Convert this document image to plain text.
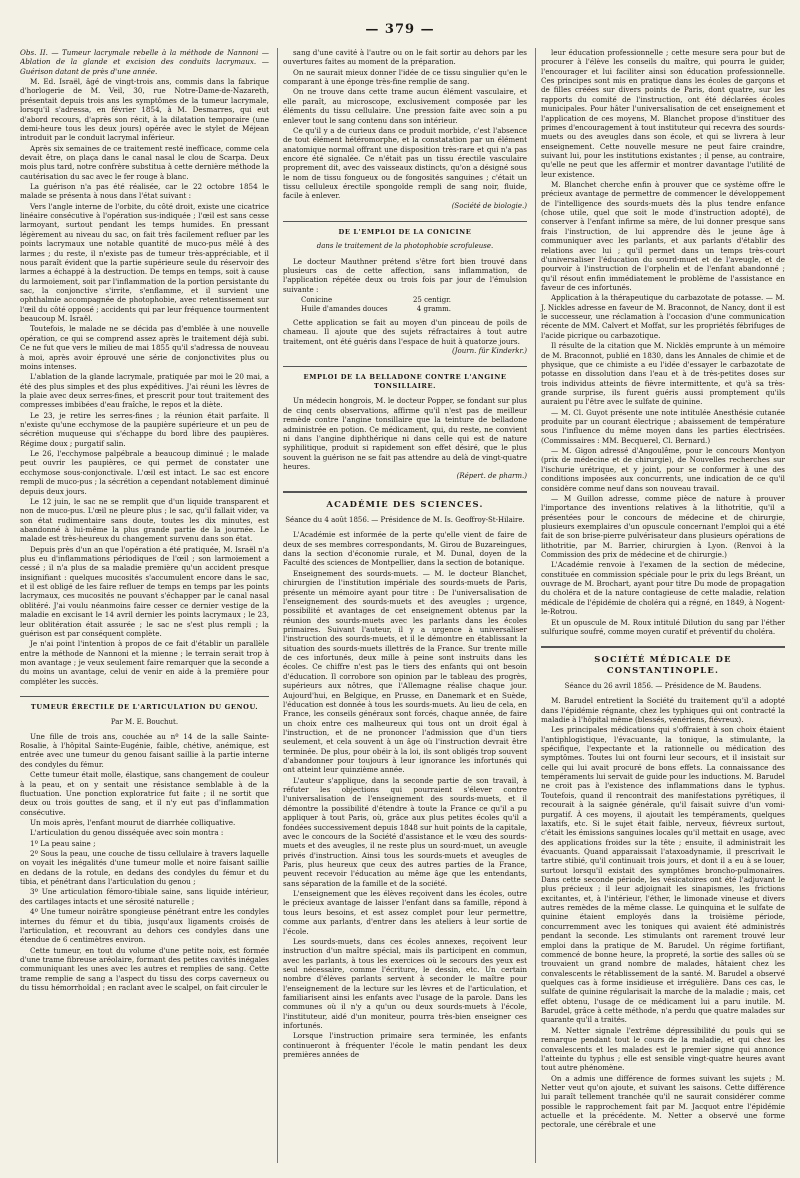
— 379 —

Obs. II. — Tumeur lacrymale rebelle à la méthode de Nannoni — Ablation de la glande et excision des conduits lacrymaux. — Guérison datant de près d'une année.

M. Ed. Israël, âgé de vingt-trois ans, commis dans la fabrique d'horlogerie de M. Veil, 30, rue Notre-Dame-de-Nazareth, présentait depuis trois ans les symptômes de la tumeur lacrymale, lorsqu'il s'adressa, en février 1854, à M. Desmarres, qui eut d'abord recours, d'après son récit, à la dilatation temporaire (une demi-heure tous les deux jours) opérée avec le stylet de Méjean introduit par le conduit lacrymal inférieur.

Après six semaines de ce traitement resté inefficace, comme cela devait être, on plaça dans le canal nasal le clou de Scarpa. Deux mois plus tard, notre confrère substitua à cette dernière méthode la cautérisation du sac avec le fer rouge à blanc.

La guérison n'a pas été réalisée, car le 22 octobre 1854 le malade se présenta à nous dans l'état suivant :

Vers l'angle interne de l'orbite, du côté droit, existe une cicatrice linéaire consécutive à l'opération sus-indiquée ; l'œil est sans cesse larmoyant, surtout pendant les temps humides. En pressant légèrement au niveau du sac, on fait très facilement refluer par les points lacrymaux une notable quantité de muco-pus mêlé à des larmes ; du reste, il n'existe pas de tumeur très-appréciable, et il nous paraît évident que la partie supérieure seule du réservoir des larmes a échappé à la destruction. De temps en temps, soit à cause du larmoiement, soit par l'inflammation de la portion persistante du sac, la conjonctive s'irrite, s'enflamme, et il survient une ophthalmie accompagnée de photophobie, avec retentissement sur l'œil du côté opposé ; accidents qui par leur fréquence tourmentent beaucoup M. Israël.

Toutefois, le malade ne se décida pas d'emblée à une nouvelle opération, ce qui se comprend assez après le traitement déjà subi. Ce ne fut que vers le milieu de mai 1855 qu'il s'adressa de nouveau à moi, après avoir éprouvé une série de conjonctivites plus ou moins intenses.

L'ablation de la glande lacrymale, pratiquée par moi le 20 mai, a été des plus simples et des plus expéditives. J'ai réuni les lèvres de la plaie avec deux serres-fines, et prescrit pour tout traitement des compresses imbibées d'eau fraîche, le repos et la diète.

Le 23, je retire les serres-fines ; la réunion était parfaite. Il n'existe qu'une ecchymose de la paupière supérieure et un peu de sécrétion muqueuse qui s'échappe du bord libre des paupières. Régime doux ; purgatif salin.

Le 26, l'ecchymose palpébrale a beaucoup diminué ; le malade peut ouvrir les paupières, ce qui permet de constater une ecchymose sous-conjonctivale. L'œil est intact. Le sac est encore rempli de muco-pus ; la sécrétion a cependant notablement diminué depuis deux jours.

Le 12 juin, le sac ne se remplit que d'un liquide transparent et non de muco-pus. L'œil ne pleure plus ; le sac, qu'il fallait vider, va son état rudimentaire sans doute, toutes les dix minutes, est abandonné à lui-même la plus grande partie de la journée. Le malade est très-heureux du changement survenu dans son état.

Depuis près d'un an que l'opération a été pratiquée, M. Israël n'a plus eu d'inflammations périodiques de l'œil ; son larmoiement a cessé ; il n'a plus de sa maladie première qu'un accident presque insignifiant : quelques mucosités s'accumulent encore dans le sac, et il est obligé de les faire refluer de temps en temps par les points lacrymaux, ces mucosités ne pouvant s'échapper par le canal nasal oblitéré. J'ai voulu néanmoins faire cesser ce dernier vestige de la maladie en excisant le 14 avril dernier les points lacrymaux ; le 23, leur oblitération était assurée ; le sac ne s'est plus rempli ; la guérison est par conséquent complète.

Je n'ai point l'intention à propos de ce fait d'établir un parallèle entre la méthode de Nannoni et la mienne ; le terrain serait trop à mon avantage ; je veux seulement faire remarquer que la seconde a du moins un avantage, celui de venir en aide à la première pour compléter les succès.

TUMEUR ÉRECTILE DE L'ARTICULATION DU GENOU.
Par M. E. Bouchut.

Une fille de trois ans, couchée au nº 14 de la salle Sainte-Rosalie, à l'hôpital Sainte-Eugénie, faible, chétive, anémique, est entrée avec une tumeur du genou faisant saillie à la partie interne des condyles du fémur.

Cette tumeur était molle, élastique, sans changement de couleur à la peau, et on y sentait une résistance semblable à de la fluctuation. Une ponction exploratrice fut faite ; il ne sortit que deux ou trois gouttes de sang, et il n'y eut pas d'inflammation consécutive.

Un mois après, l'enfant mourut de diarrhée colliquative.

L'articulation du genou disséquée avec soin montra :

1º La peau saine ;

2º Sous la peau, une couche de tissu cellulaire à travers laquelle on voyait les inégalités d'une tumeur molle et noire faisant saillie en dedans de la rotule, en dedans des condyles du fémur et du tibia, et pénétrant dans l'articulation du genou ;

3º Une articulation fémoro-tibiale saine, sans liquide intérieur, des cartilages intacts et une sérosité naturelle ;

4º Une tumeur noirâtre spongieuse pénétrant entre les condyles internes du fémur et du tibia, jusqu'aux ligaments croisés de l'articulation, et recouvrant au dehors ces condyles dans une étendue de 6 centimètres environ.

Cette tumeur, en tout du volume d'une petite noix, est formée d'une trame fibreuse aréolaire, formant des petites cavités inégales communiquant les unes avec les autres et remplies de sang. Cette trame remplie de sang a l'aspect du tissu des corps caverneux ou du tissu hémorrhoïdal ; en raclant avec le scalpel, on fait circuler le

sang d'une cavité à l'autre ou on le fait sortir au dehors par les ouvertures faites au moment de la préparation.

On ne saurait mieux donner l'idée de ce tissu singulier qu'en le comparant à une éponge très-fine remplie de sang.

On ne trouve dans cette trame aucun élément vasculaire, et elle paraît, au microscope, exclusivement composée par les éléments du tissu cellulaire. Une pression faite avec soin a pu enlever tout le sang contenu dans son intérieur.

Ce qu'il y a de curieux dans ce produit morbide, c'est l'absence de tout élément hétéromorphe, et la constatation par un élément anatomique normal offrant une disposition très-rare et qui n'a pas encore été signalée. Ce n'était pas un tissu érectile vasculaire proprement dit, avec des vaisseaux distincts, qu'on a désigné sous le nom de tissu fongueux ou de fongosités sanguines ; c'était un tissu celluleux érectile spongoïde rempli de sang noir, fluide, facile à enlever.

(Société de biologie.)
DE L'EMPLOI DE LA CONICINE
dans le traitement de la photophobie scrofuleuse.

Le docteur Mauthner prétend s'être fort bien trouvé dans plusieurs cas de cette affection, sans inflammation, de l'application répétée deux ou trois fois par jour de l'émulsion suivante :

Conicine	25 centigr.
Huile d'amandes douces	4 gramm.

Cette application se fait au moyen d'un pinceau de poils de chameau. Il ajoute que des sujets réfractaires à tout autre traitement, ont été guéris dans l'espace de huit à quatorze jours.

(Journ. für Kinderkr.)
EMPLOI DE LA BELLADONE CONTRE L'ANGINE TONSILLAIRE.

Un médecin hongrois, M. le docteur Popper, se fondant sur plus de cinq cents observations, affirme qu'il n'est pas de meilleur remède contre l'angine tonsillaire que la teinture de belladone administrée en potion. Ce médicament, qui, du reste, ne convient ni dans l'angine diphthérique ni dans celle qui est de nature syphilitique, produit si rapidement son effet désiré, que le plus souvent la guérison ne se fait pas attendre au delà de vingt-quatre heures.

(Répert. de pharm.)
ACADÉMIE DES SCIENCES.
Séance du 4 août 1856. — Présidence de M. Is. Geoffroy-St-Hilaire.

L'Académie est informée de la perte qu'elle vient de faire de deux de ses membres correspondants, M. Girou de Buzareingues, dans la section d'économie rurale, et M. Dunal, doyen de la Faculté des sciences de Montpellier, dans la section de botanique.

Enseignement des sourds-muets. — M. le docteur Blanchet, chirurgien de l'institution impériale des sourds-muets de Paris, présente un mémoire ayant pour titre : De l'universalisation de l'enseignement des sourds-muets et des aveugles ; urgence, possibilité et avantages de cet enseignement obtenus par la réunion des sourds-muets avec les parlants dans les écoles primaires. Suivant l'auteur, il y a urgence à universaliser l'instruction des sourds-muets, et il le démontre en établissant la situation des sourds-muets illettrés de la France. Sur trente mille de ces infortunés, deux mille à peine sont instruits dans les écoles. Ce chiffre n'est pas le tiers des enfants qui ont besoin d'éducation. Il corrobore son opinion par le tableau des progrès, supérieurs aux nôtres, que l'Allemagne réalise chaque jour. Aujourd'hui, en Belgique, en Prusse, en Danemark et en Suède, l'éducation est donnée à tous les sourds-muets. Au lieu de cela, en France, les conseils généraux sont forcés, chaque année, de faire un choix entre ces malheureux qui tous ont un droit égal à l'instruction, et de ne prononcer l'admission que d'un tiers seulement, et cela souvent à un âge où l'instruction devrait être terminée. De plus, pour obéir à la loi, ils sont obligés trop souvent d'abandonner pour toujours à leur ignorance les infortunés qui ont atteint leur quinzième année.

L'auteur s'applique, dans la seconde partie de son travail, à réfuter les objections qui pourraient s'élever contre l'universalisation de l'enseignement des sourds-muets, et il démontre la possibilité d'étendre à toute la France ce qu'il a pu appliquer à tout Paris, où, grâce aux plus petites écoles qu'il a fondées successivement depuis 1848 sur huit points de la capitale, avec le concours de la Société d'assistance et le vœu des sourds-muets et des aveugles, il ne reste plus un sourd-muet, un aveugle privés d'instruction. Ainsi tous les sourds-muets et aveugles de Paris, plus heureux que ceux des autres parties de la France, peuvent recevoir l'éducation au même âge que les entendants, sans séparation de la famille et de la société.

L'enseignement que les élèves reçoivent dans les écoles, outre le précieux avantage de laisser l'enfant dans sa famille, répond à tous leurs besoins, et est assez complet pour leur permettre, comme aux parlants, d'entrer dans les ateliers à leur sortie de l'école.

Les sourds-muets, dans ces écoles annexes, reçoivent leur instruction d'un maître spécial, mais ils participent en commun, avec les parlants, à tous les exercices où le secours des yeux est seul nécessaire, comme l'écriture, le dessin, etc. Un certain nombre d'élèves parlants servent à seconder le maître pour l'enseignement de la lecture sur les lèvres et de l'articulation, et familiarisent ainsi les enfants avec l'usage de la parole. Dans les communes où il n'y a qu'un ou deux sourds-muets à l'école, l'instituteur, aidé d'un moniteur, pourra très-bien enseigner ces infortunés.

Lorsque l'instruction primaire sera terminée, les enfants continueront à fréquenter l'école le matin pendant les deux premières années de

leur éducation professionnelle ; cette mesure sera pour but de procurer à l'élève les conseils du maître, qui pourra le guider, l'encourager et lui faciliter ainsi son éducation professionnelle. Ces principes sont mis en pratique dans les écoles de garçons et de filles créées sur divers points de Paris, dont quatre, sur les rapports du comité de l'instruction, ont été déclarées écoles municipales. Pour hâter l'universalisation de cet enseignement et l'application de ces moyens, M. Blanchet propose d'instituer des primes d'encouragement à tout instituteur qui recevra des sourds-muets ou des aveugles dans son école, et qui se livrera à leur enseignement. Cette nouvelle mesure ne peut faire craindre, suivant lui, pour les institutions existantes ; il pense, au contraire, qu'elle ne peut que les affermir et montrer davantage l'utilité de leur existence.

M. Blanchet cherche enfin à prouver que ce système offre le précieux avantage de permettre de commencer le développement de l'intelligence des sourds-muets dès la plus tendre enfance (chose utile, quel que soit le mode d'instruction adopté), de conserver à l'enfant infirme sa mère, de lui donner presque sans frais l'instruction, de lui apprendre dès le jeune âge à communiquer avec les parlants, et aux parlants d'établir des relations avec lui ; qu'il permet dans un temps très-court d'universaliser l'éducation du sourd-muet et de l'aveugle, et de pourvoir à l'instruction de l'orphelin et de l'enfant abandonné ; qu'il résout enfin immédiatement le problème de l'assistance en faveur de ces infortunés.

Application à la thérapeutique du carbazotate de potasse. — M. J. Nickles adresse en faveur de M. Braconnot, de Nancy, dont il est le successeur, une réclamation à l'occasion d'une communication récente de MM. Calvert et Moffat, sur les propriétés fébrifuges de l'acide picrique ou carbazotique.

Il résulte de la citation que M. Nicklès emprunte à un mémoire de M. Braconnot, publié en 1830, dans les Annales de chimie et de physique, que ce chimiste a eu l'idée d'essayer le carbazotate de potasse en dissolution dans l'eau et à de très-petites doses sur trois individus atteints de fièvre intermittente, et qu'à sa très-grande surprise, ils furent guéris aussi promptement qu'ils auraient pu l'être avec le sulfate de quinine.

— M. Cl. Guyot présente une note intitulée Anesthésie cutanée produite par un courant électrique ; abaissement de température sous l'influence du même moyen dans les parties électrisées. (Commissaires : MM. Becquerel, Cl. Bernard.)

— M. Gigon adressé d'Angoulême, pour le concours Montyon (prix de médecine et de chirurgie), de Nouvelles recherches sur l'ischurie urétrique, et y joint, pour se conformer à une des conditions imposées aux concurrents, une indication de ce qu'il considère comme neuf dans son nouveau travail.

— M Guillon adresse, comme pièce de nature à prouver l'importance des inventions relatives à la lithotritie, qu'il a présentées pour le concours de médecine et de chirurgie, plusieurs exemplaires d'un opuscule concernant l'emploi qui a été fait de son brise-pierre pulvérisateur dans plusieurs opérations de lithotritie, par M. Barrier, chirurgien à Lyon. (Renvoi à la Commission des prix de médecine et de chirurgie.)

L'Académie renvoie à l'examen de la section de médecine, constituée en commission spéciale pour le prix du legs Bréant, un ouvrage de M. Brochart, ayant pour titre Du mode de propagation du choléra et de la nature contagieuse de cette maladie, relation médicale de l'épidémie de choléra qui a régné, en 1849, à Nogent-le-Rotrou.

Et un opuscule de M. Roux intitulé Dilution du sang par l'éther sulfurique soufré, comme moyen curatif et préventif du choléra.

SOCIÉTÉ MÉDICALE DE CONSTANTINOPLE.
Séance du 26 avril 1856. — Présidence de M. Baudens.

M. Barudel entretient la Société du traitement qu'il a adopté dans l'épidémie régnante, chez les typhiques qui ont contracté la maladie à l'hôpital même (blessés, vénériens, fiévreux).

Les principales médications qui s'offraient à son choix étaient l'antiphlogistique, l'évacuante, la tonique, la stimulante, la spécifique, l'expectante et la rationnelle ou médication des symptômes. Toutes lui ont fourni leur secours, et il insistait sur celle qui lui avait procuré de bons effets. La connaissance des tempéraments lui servait de guide pour les inductions. M. Barudel ne croit pas à l'existence des inflammations dans le typhus. Toutefois, quand il rencontrait des manifestations pyrétiques, il recourait à la saignée générale, qu'il faisait suivre d'un vomi-purgatif. À ces moyens, il ajoutait les tempéraments, quelques laxatifs, etc. Si le sujet était faible, nerveux, fiévreux surtout, c'était les émissions sanguines locales qu'il mettait en usage, avec des applications froides sur la tête ; ensuite, il administrait les évacuants. Quand apparaissait l'ataxoadynamie, il prescrivait le tartre stibié, qu'il continuait trois jours, et dont il a eu à se louer, surtout lorsqu'il existait des symptômes broncho-pulmonaires. Dans cette seconde période, les vésicatoires ont été l'adjuvant le plus précieux ; il leur adjoignait les sinapismes, les frictions excitantes, et, à l'intérieur, l'éther, le limonade vineuse et divers autres remèdes de la même classe. Le quinquina et le sulfate de quinine étaient employés dans la troisième période, concurremment avec les toniques qui avaient été administrés pendant la seconde. Les stimulants ont rarement trouvé leur emploi dans la pratique de M. Barudel. Un régime fortifiant, commencé de bonne heure, la propreté, la sortie des salles où se trouvaient un grand nombre de malades, hâtaient chez les convalescents le rétablissement de la santé. M. Barudel a observé quelques cas à forme insidieuse et irrégulière. Dans ces cas, le sulfate de quinine régularisait la marche de la maladie ; mais, cet effet obtenu, l'usage de ce médicament lui a paru inutile. M. Barudel, grâce à cette méthode, n'a perdu que quatre malades sur quarante qu'il a traités.

M. Netter signale l'extrême dépressibilité du pouls qui se remarque pendant tout le cours de la maladie, et qui chez les convalescents et les malades est le premier signe qui annonce l'atteinte du typhus ; elle est sensible vingt-quatre heures avant tout autre phénomène.

On a admis une différence de formes suivant les sujets ; M. Netter veut qu'on ajoute, et suivant les saisons. Cette différence lui paraît tellement tranchée qu'il ne saurait considérer comme possible le rapprochement fait par M. Jacquot entre l'épidémie actuelle et la précédente. M. Netter a observé une forme pectorale, une cérébrale et une
